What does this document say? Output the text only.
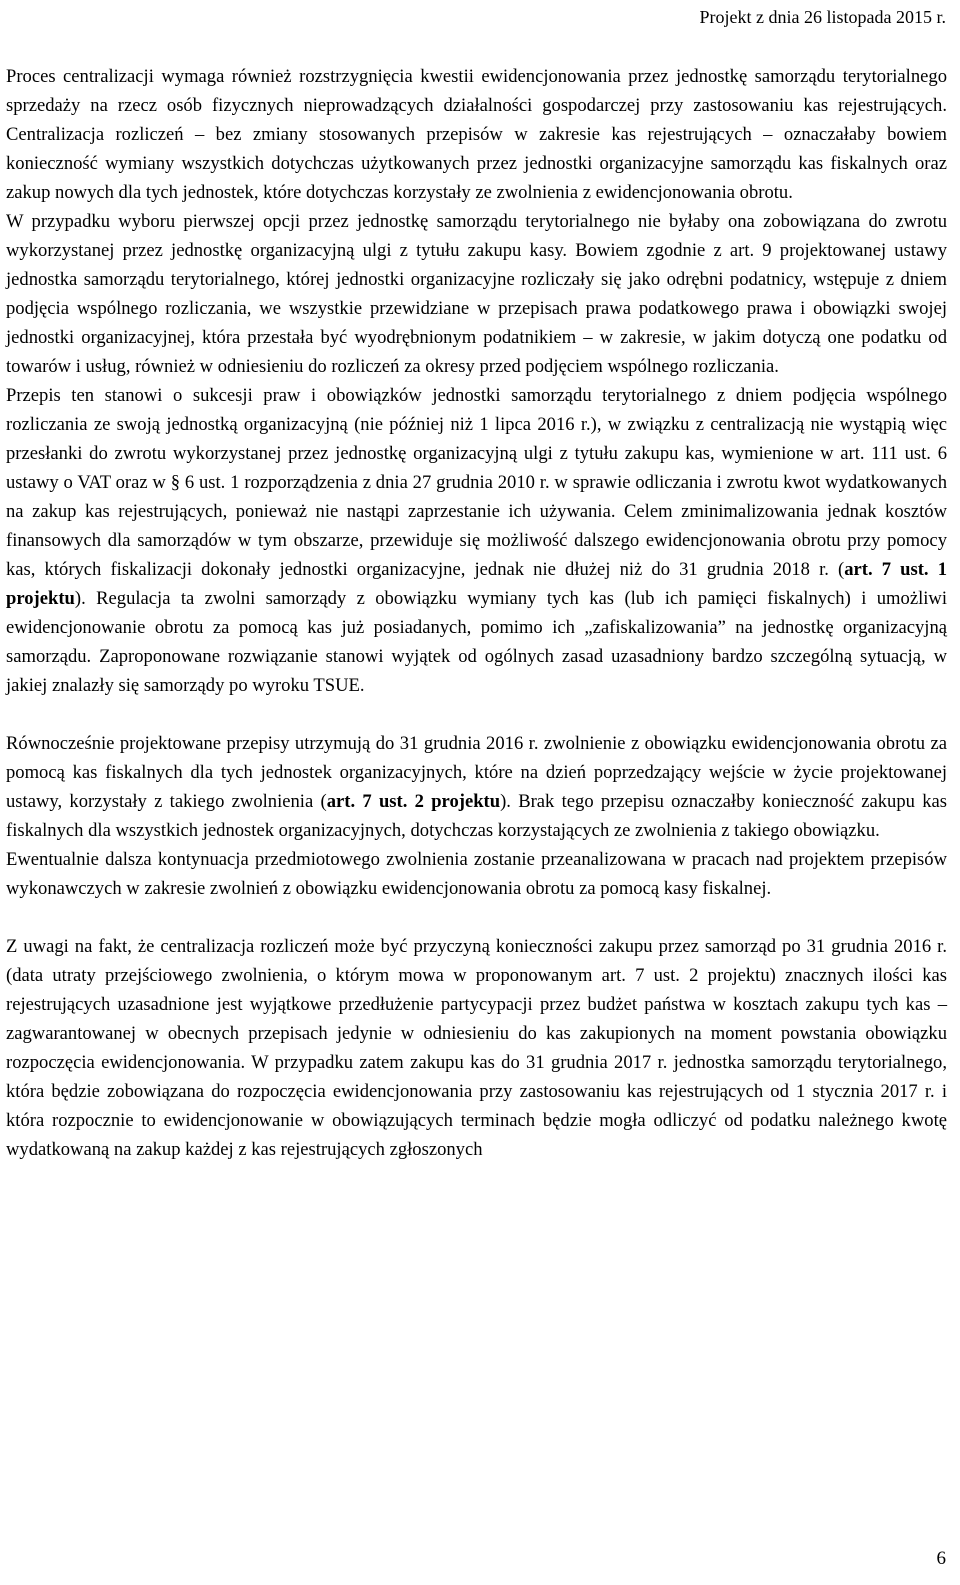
Projekt z dnia 26 listopada 2015 r.

Proces centralizacji wymaga również rozstrzygnięcia kwestii ewidencjonowania przez jednostkę samorządu terytorialnego sprzedaży na rzecz osób fizycznych nieprowadzących działalności gospodarczej przy zastosowaniu kas rejestrujących. Centralizacja rozliczeń – bez zmiany stosowanych przepisów w zakresie kas rejestrujących – oznaczałaby bowiem konieczność wymiany wszystkich dotychczas użytkowanych przez jednostki organizacyjne samorządu kas fiskalnych oraz zakup nowych dla tych jednostek, które dotychczas korzystały ze zwolnienia z ewidencjonowania obrotu.

W przypadku wyboru pierwszej opcji przez jednostkę samorządu terytorialnego nie byłaby ona zobowiązana do zwrotu wykorzystanej przez jednostkę organizacyjną ulgi z tytułu zakupu kasy. Bowiem zgodnie z art. 9 projektowanej ustawy jednostka samorządu terytorialnego, której jednostki organizacyjne rozliczały się jako odrębni podatnicy, wstępuje z dniem podjęcia wspólnego rozliczania, we wszystkie przewidziane w przepisach prawa podatkowego prawa i obowiązki swojej jednostki organizacyjnej, która przestała być wyodrębnionym podatnikiem – w zakresie, w jakim dotyczą one podatku od towarów i usług, również w odniesieniu do rozliczeń za okresy przed podjęciem wspólnego rozliczania.

Przepis ten stanowi o sukcesji praw i obowiązków jednostki samorządu terytorialnego z dniem podjęcia wspólnego rozliczania ze swoją jednostką organizacyjną (nie później niż 1 lipca 2016 r.), w związku z centralizacją nie wystąpią więc przesłanki do zwrotu wykorzystanej przez jednostkę organizacyjną ulgi z tytułu zakupu kas, wymienione w art. 111 ust. 6 ustawy o VAT oraz w § 6 ust. 1 rozporządzenia z dnia 27 grudnia 2010 r. w sprawie odliczania i zwrotu kwot wydatkowanych na zakup kas rejestrujących, ponieważ nie nastąpi zaprzestanie ich używania. Celem zminimalizowania jednak kosztów finansowych dla samorządów w tym obszarze, przewiduje się możliwość dalszego ewidencjonowania obrotu przy pomocy kas, których fiskalizacji dokonały jednostki organizacyjne, jednak nie dłużej niż do 31 grudnia 2018 r. (art. 7 ust. 1 projektu). Regulacja ta zwolni samorządy z obowiązku wymiany tych kas (lub ich pamięci fiskalnych) i umożliwi ewidencjonowanie obrotu za pomocą kas już posiadanych, pomimo ich „zafiskalizowania” na jednostkę organizacyjną samorządu. Zaproponowane rozwiązanie stanowi wyjątek od ogólnych zasad uzasadniony bardzo szczególną sytuacją, w jakiej znalazły się samorządy po wyroku TSUE.

Równocześnie projektowane przepisy utrzymują do 31 grudnia 2016 r. zwolnienie z obowiązku ewidencjonowania obrotu za pomocą kas fiskalnych dla tych jednostek organizacyjnych, które na dzień poprzedzający wejście w życie projektowanej ustawy, korzystały z takiego zwolnienia (art. 7 ust. 2 projektu). Brak tego przepisu oznaczałby konieczność zakupu kas fiskalnych dla wszystkich jednostek organizacyjnych, dotychczas korzystających ze zwolnienia z takiego obowiązku.

Ewentualnie dalsza kontynuacja przedmiotowego zwolnienia zostanie przeanalizowana w pracach nad projektem przepisów wykonawczych w zakresie zwolnień z obowiązku ewidencjonowania obrotu za pomocą kasy fiskalnej.

Z uwagi na fakt, że centralizacja rozliczeń może być przyczyną konieczności zakupu przez samorząd po 31 grudnia 2016 r. (data utraty przejściowego zwolnienia, o którym mowa w proponowanym art. 7 ust. 2 projektu) znacznych ilości kas rejestrujących uzasadnione jest wyjątkowe przedłużenie partycypacji przez budżet państwa w kosztach zakupu tych kas – zagwarantowanej w obecnych przepisach jedynie w odniesieniu do kas zakupionych na moment powstania obowiązku rozpoczęcia ewidencjonowania. W przypadku zatem zakupu kas do 31 grudnia 2017 r. jednostka samorządu terytorialnego, która będzie zobowiązana do rozpoczęcia ewidencjonowania przy zastosowaniu kas rejestrujących od 1 stycznia 2017 r. i która rozpocznie to ewidencjonowanie w obowiązujących terminach będzie mogła odliczyć od podatku należnego kwotę wydatkowaną na zakup każdej z kas rejestrujących zgłoszonych

6
